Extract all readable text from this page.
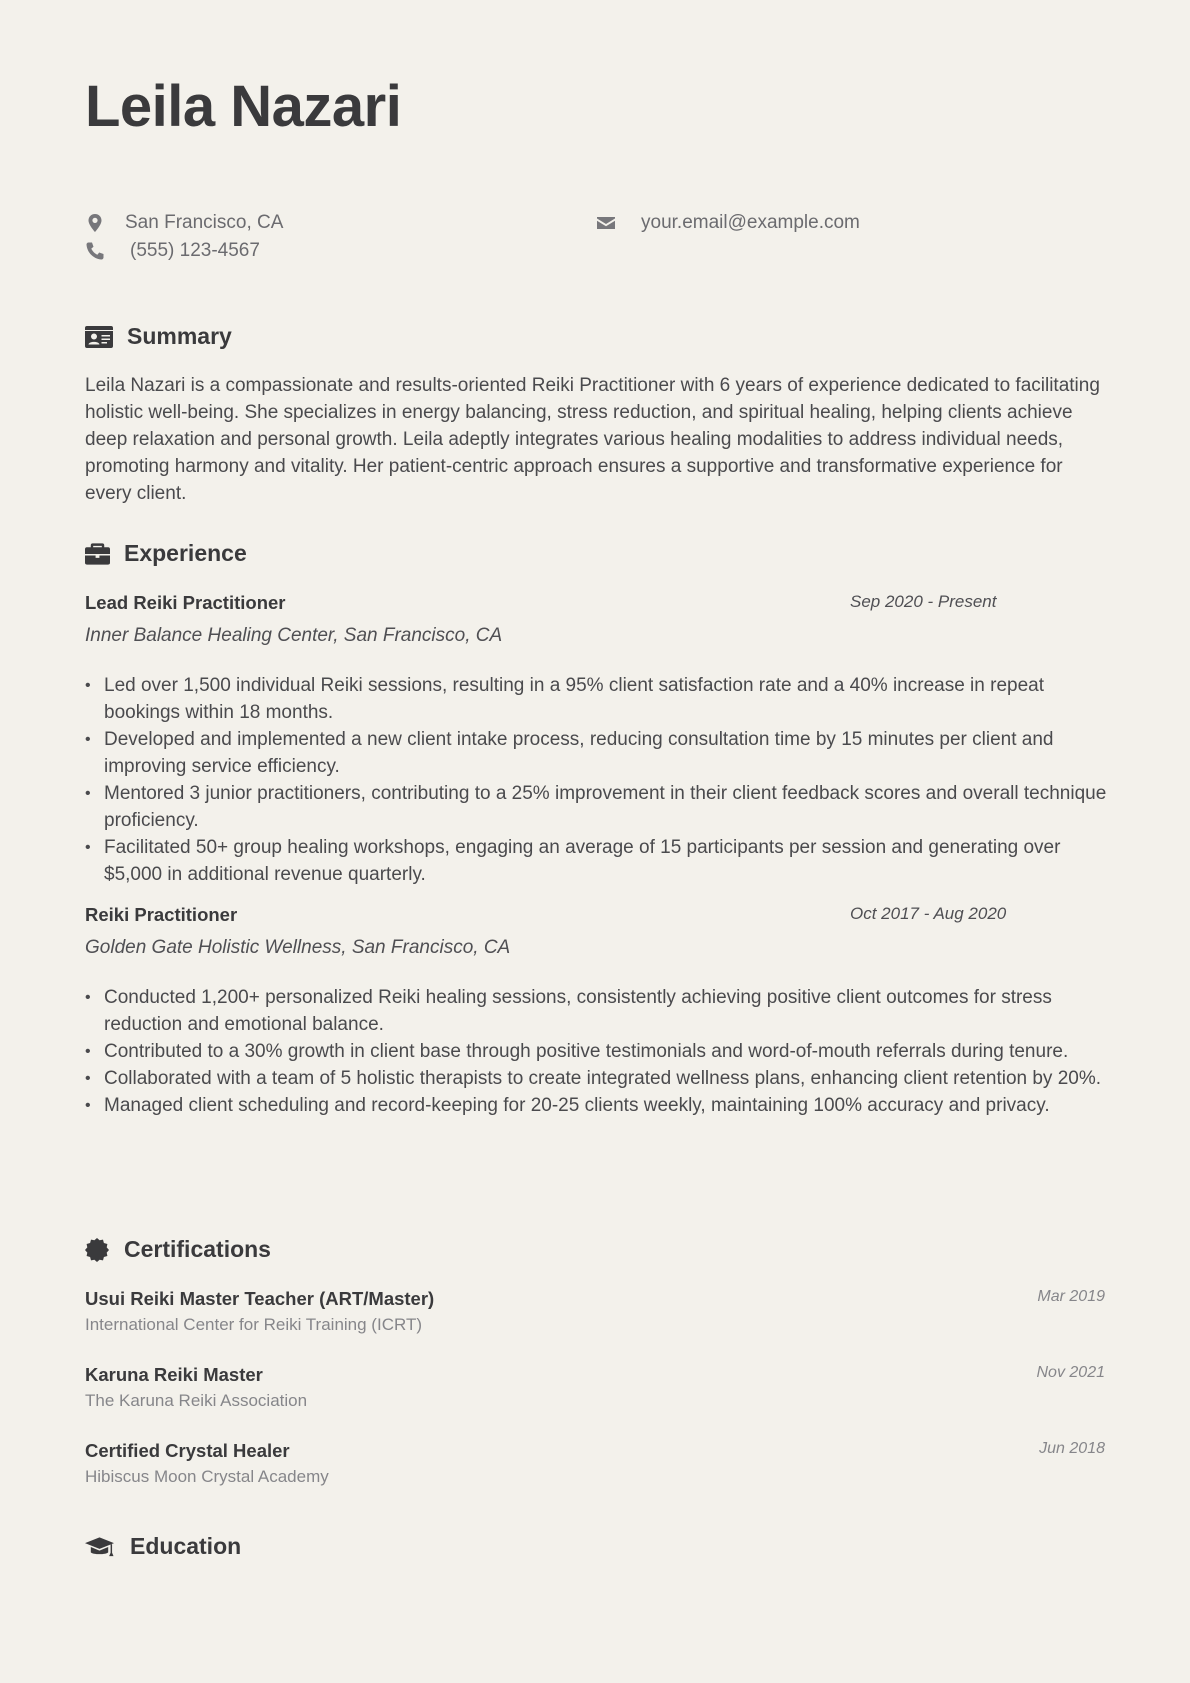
Leila Nazari
San Francisco, CA
(555) 123-4567
your.email@example.com
Summary

Leila Nazari is a compassionate and results-oriented Reiki Practitioner with 6 years of experience dedicated to facilitating holistic well-being. She specializes in energy balancing, stress reduction, and spiritual healing, helping clients achieve deep relaxation and personal growth. Leila adeptly integrates various healing modalities to address individual needs, promoting harmony and vitality. Her patient-centric approach ensures a supportive and transformative experience for every client.

Experience
Lead Reiki Practitioner	Sep 2020 - Present
Inner Balance Healing Center, San Francisco, CA
• Led over 1,500 individual Reiki sessions, resulting in a 95% client satisfaction rate and a 40% increase in repeat bookings within 18 months.
• Developed and implemented a new client intake process, reducing consultation time by 15 minutes per client and improving service efficiency.
• Mentored 3 junior practitioners, contributing to a 25% improvement in their client feedback scores and overall technique proficiency.
• Facilitated 50+ group healing workshops, engaging an average of 15 participants per session and generating over $5,000 in additional revenue quarterly.
Reiki Practitioner	Oct 2017 - Aug 2020
Golden Gate Holistic Wellness, San Francisco, CA
• Conducted 1,200+ personalized Reiki healing sessions, consistently achieving positive client outcomes for stress reduction and emotional balance.
• Contributed to a 30% growth in client base through positive testimonials and word-of-mouth referrals during tenure.
• Collaborated with a team of 5 holistic therapists to create integrated wellness plans, enhancing client retention by 20%.
• Managed client scheduling and record-keeping for 20-25 clients weekly, maintaining 100% accuracy and privacy.
Certifications
Usui Reiki Master Teacher (ART/Master)	Mar 2019
International Center for Reiki Training (ICRT)
Karuna Reiki Master	Nov 2021
The Karuna Reiki Association
Certified Crystal Healer	Jun 2018
Hibiscus Moon Crystal Academy
Education
